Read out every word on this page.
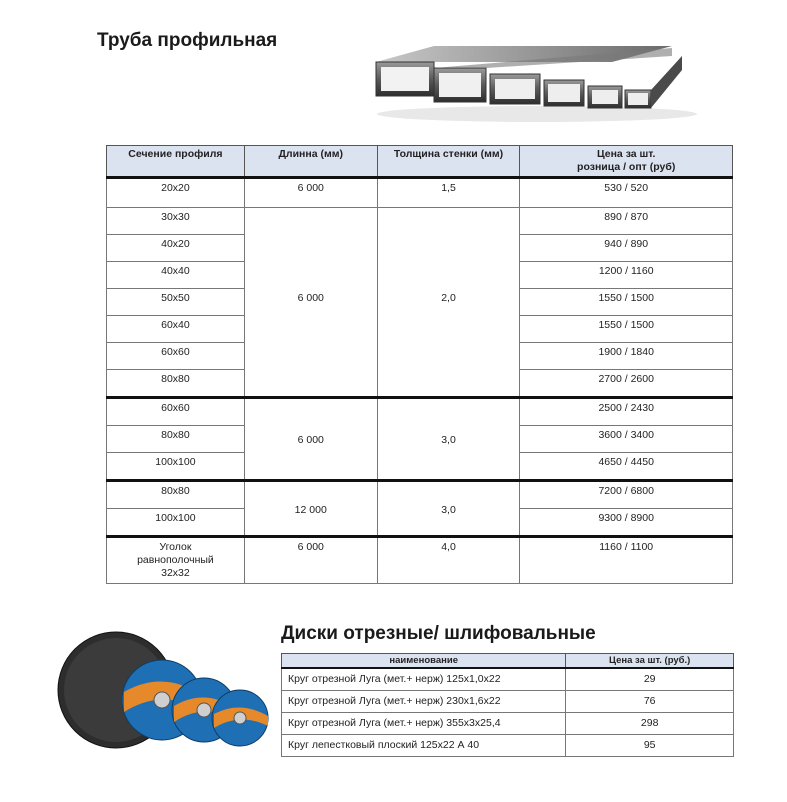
Труба профильная
Сечение профиля	Длинна (мм)	Толщина стенки (мм)	Цена за шт.
розница / опт (руб)
20х20	6 000	1,5	530 / 520
30х30	6 000	2,0	890 / 870
40х20			940 / 890
40х40			1200 / 1160
50х50			1550 / 1500
60х40			1550 / 1500
60х60			1900 / 1840
80х80			2700 / 2600
60х60	6 000	3,0	2500 / 2430
80х80			3600 / 3400
100х100			4650 / 4450
80х80	12 000	3,0	7200 / 6800
100х100			9300 / 8900
Уголок
равнополочный
32х32	6 000	4,0	1160 / 1100
Диски отрезные/ шлифовальные
наименование	Цена за шт. (руб.)
Круг отрезной Луга (мет.+ нерж) 125х1,0х22	29
Круг отрезной Луга (мет.+ нерж) 230х1,6х22	76
Круг отрезной Луга (мет.+ нерж) 355х3х25,4	298
Круг лепестковый плоский 125х22 А 40	95
